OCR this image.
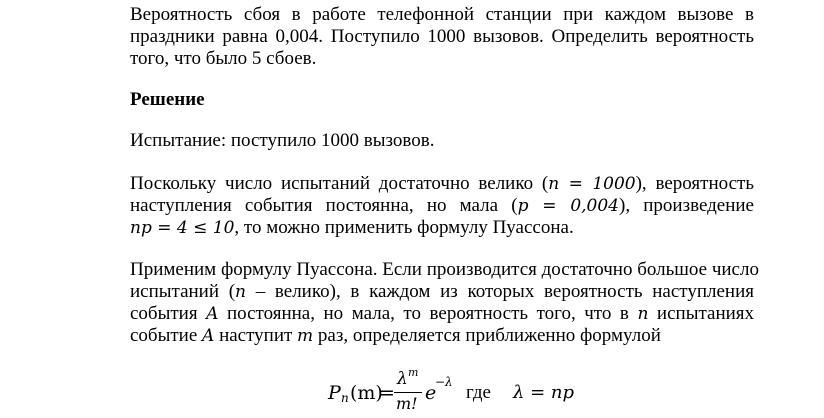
Вероятность сбоя в работе телефонной станции при каждом вызове в
праздники равна 0,004. Поступило 1000 вызовов. Определить вероятность
того, что было 5 сбоев.
Решение
Испытание: поступило 1000 вызовов.
Поскольку число испытаний достаточно велико (n = 1000), вероятность
наступления события постоянна, но мала (p = 0,004), произведение
np = 4 ≤ 10, то можно применить формулу Пуассона.
Применим формулу Пуассона. Если производится достаточно большое число
испытаний (n – велико), в каждом из которых вероятность наступления
события A постоянна, но мала, то вероятность того, что в n испытаниях
событие A наступит m раз, определяется приближенно формулой
P n (m)
=
λ m
m! e
−λ где λ = np
